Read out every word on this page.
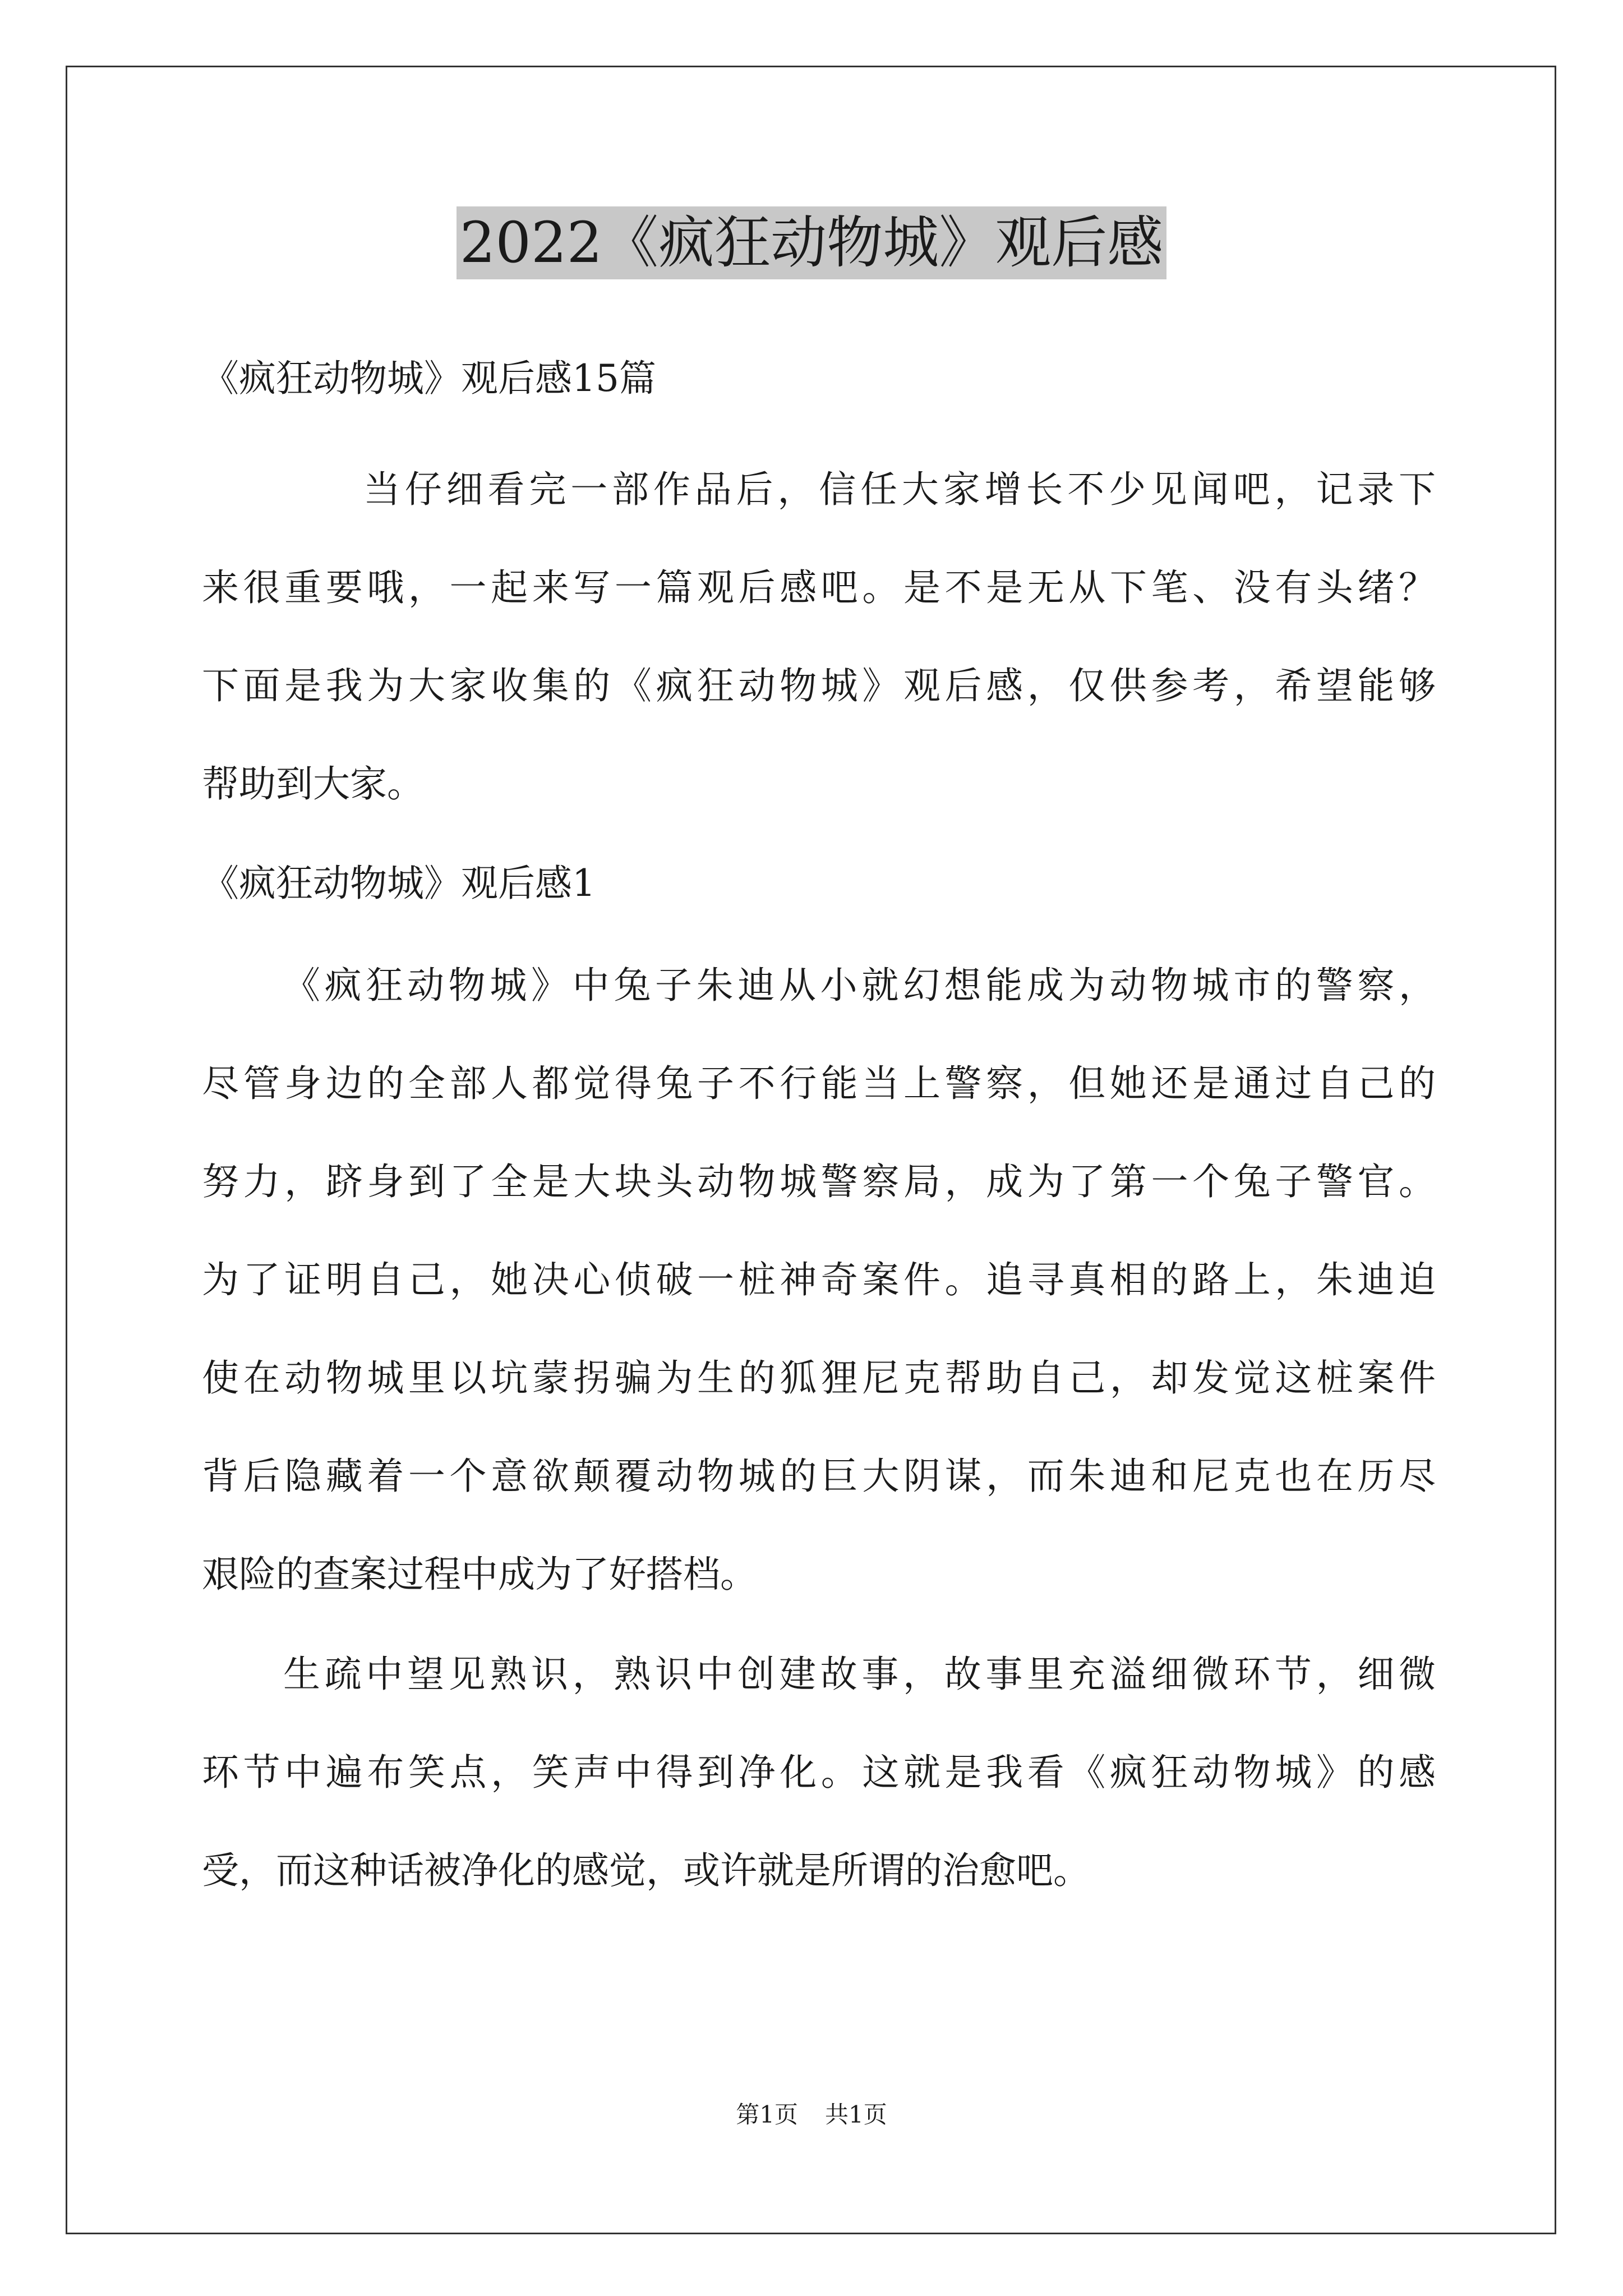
2022《疯狂动物城》观后感
《疯狂动物城》观后感15篇
当仔细看完一部作品后，信任大家增长不少见闻吧，记录下
来很重要哦，一起来写一篇观后感吧。是不是无从下笔、没有头绪？
下面是我为大家收集的《疯狂动物城》观后感，仅供参考，希望能够
帮助到大家。
《疯狂动物城》观后感1
《疯狂动物城》中兔子朱迪从小就幻想能成为动物城市的警察，
尽管身边的全部人都觉得兔子不行能当上警察，但她还是通过自己的
努力，跻身到了全是大块头动物城警察局，成为了第一个兔子警官。
为了证明自己，她决心侦破一桩神奇案件。追寻真相的路上，朱迪迫
使在动物城里以坑蒙拐骗为生的狐狸尼克帮助自己，却发觉这桩案件
背后隐藏着一个意欲颠覆动物城的巨大阴谋，而朱迪和尼克也在历尽
艰险的查案过程中成为了好搭档。
生疏中望见熟识，熟识中创建故事，故事里充溢细微环节，细微
环节中遍布笑点，笑声中得到净化。这就是我看《疯狂动物城》的感
受，而这种话被净化的感觉，或许就是所谓的治愈吧。
第1页 共1页
